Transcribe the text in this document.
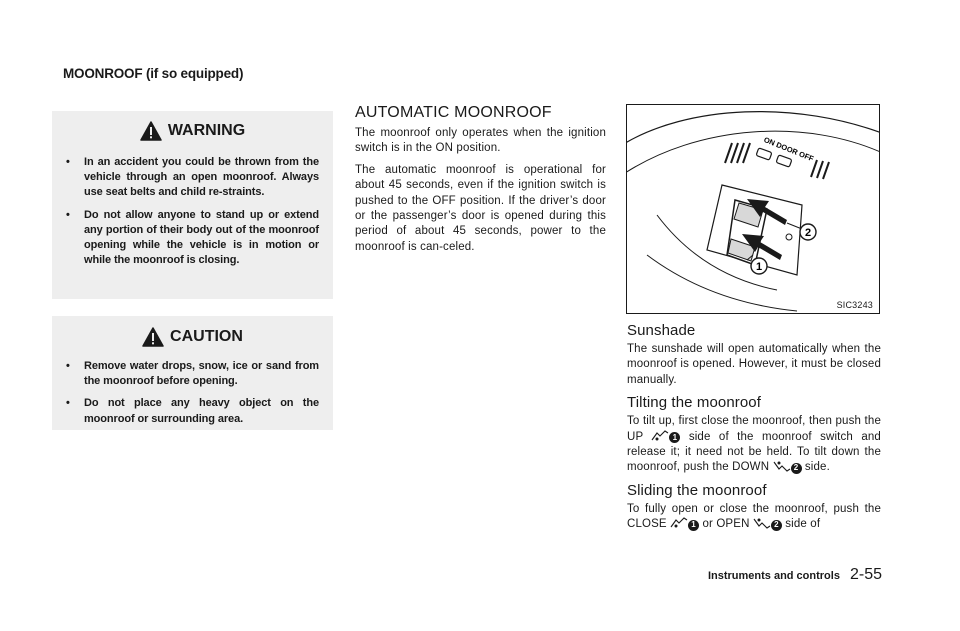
MOONROOF (if so equipped)
WARNING
• In an accident you could be thrown from the vehicle through an open moonroof. Always use seat belts and child re-straints.
• Do not allow anyone to stand up or extend any portion of their body out of the moonroof opening while the vehicle is in motion or while the moonroof is closing.
CAUTION
• Remove water drops, snow, ice or sand from the moonroof before opening.
• Do not place any heavy object on the moonroof or surrounding area.
AUTOMATIC MOONROOF

The moonroof only operates when the ignition switch is in the ON position.

The automatic moonroof is operational for about 45 seconds, even if the ignition switch is pushed to the OFF position. If the driver’s door or the passenger’s door is opened during this period of about 45 seconds, power to the moonroof is can-celed.

ON DOOR OFF
2
1
SIC3243
Sunshade

The sunshade will open automatically when the moonroof is opened. However, it must be closed manually.

Tilting the moonroof

To tilt up, first close the moonroof, then push the UP	1 side of the moonroof switch and release it; it need not be held. To tilt down the moonroof, push the DOWN	2 side.

Sliding the moonroof

To fully open or close the moonroof, push the CLOSE	1 or OPEN	2 side of

Instruments and controls 2-55
